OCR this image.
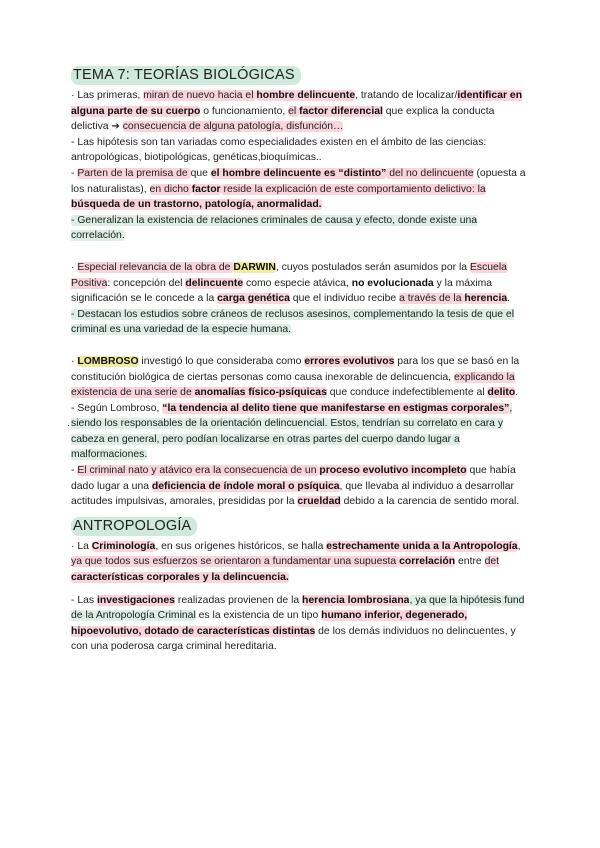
TEMA 7: TEORÍAS BIOLÓGICAS

· Las primeras, miran de nuevo hacia el hombre delincuente, tratando de localizar/identificar en alguna parte de su cuerpo o funcionamiento, el factor diferencial que explica la conducta delictiva ➔ consecuencia de alguna patología, disfunción…

- Las hipótesis son tan variadas como especialidades existen en el ámbito de las ciencias: antropológicas, biotipológicas, genéticas,bioquímicas..

- Parten de la premisa de que el hombre delincuente es “distinto” del no delincuente (opuesta a los naturalistas), en dicho factor reside la explicación de este comportamiento delictivo: la búsqueda de un trastorno, patología, anormalidad.

- Generalizan la existencia de relaciones criminales de causa y efecto, donde existe una correlación.

· Especial relevancia de la obra de DARWIN, cuyos postulados serán asumidos por la Escuela Positiva: concepción del delincuente como especie atávica, no evolucionada y la máxima significación se le concede a la carga genética que el individuo recibe a través de la herencia.

- Destacan los estudios sobre cráneos de reclusos asesinos, complementando la tesis de que el criminal es una variedad de la especie humana.

· LOMBROSO investigó lo que consideraba como errores evolutivos para los que se basó en la constitución biológica de ciertas personas como causa inexorable de delincuencia, explicando la existencia de una serie de anomalías físico-psíquicas que conduce indefectiblemente al delito.

- Según Lombroso, “la tendencia al delito tiene que manifestarse en estigmas corporales”, siendo los responsables de la orientación delincuencial. Estos, tendrían su correlato en cara y cabeza en general, pero podían localizarse en otras partes del cuerpo dando lugar a malformaciones.

- El criminal nato y atávico era la consecuencia de un proceso evolutivo incompleto que había dado lugar a una deficiencia de índole moral o psíquica, que llevaba al individuo a desarrollar actitudes impulsivas, amorales, presididas por la crueldad debido a la carencia de sentido moral.

ANTROPOLOGÍA

· La Criminología, en sus orígenes históricos, se halla estrechamente unida a la Antropología, ya que todos sus esfuerzos se orientaron a fundamentar una supuesta correlación entre det características corporales y la delincuencia.

- Las investigaciones realizadas provienen de la herencia lombrosiana, ya que la hipótesis fund de la Antropología Criminal es la existencia de un tipo humano inferior, degenerado, hipoevolutivo, dotado de características distintas de los demás individuos no delincuentes, y con una poderosa carga criminal hereditaria.

·
